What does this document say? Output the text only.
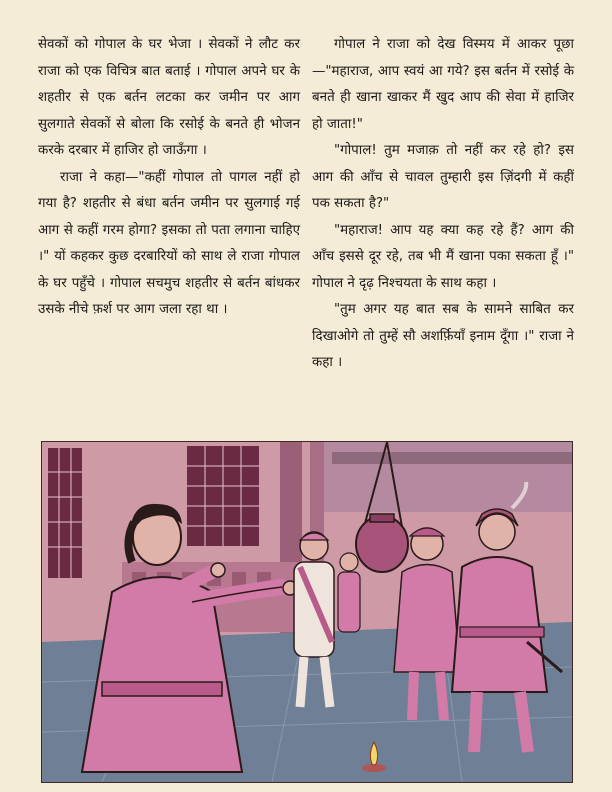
सेवकों को गोपाल के घर भेजा । सेवकों ने लौट कर राजा को एक विचित्र बात बताई । गोपाल अपने घर के शहतीर से एक बर्तन लटका कर जमीन पर आग सुलगाते सेवकों से बोला कि रसोई के बनते ही भोजन करके दरबार में हाजिर हो जाऊँगा ।

राजा ने कहा—"कहीं गोपाल तो पागल नहीं हो गया है? शहतीर से बंधा बर्तन जमीन पर सुलगाई गई आग से कहीं गरम होगा? इसका तो पता लगाना चाहिए ।" यों कहकर कुछ दरबारियों को साथ ले राजा गोपाल के घर पहुँचे । गोपाल सचमुच शहतीर से बर्तन बांधकर उसके नीचे फ़र्श पर आग जला रहा था ।

गोपाल ने राजा को देख विस्मय में आकर पूछा—"महाराज, आप स्वयं आ गये? इस बर्तन में रसोई के बनते ही खाना खाकर मैं खुद आप की सेवा में हाजिर हो जाता!"

"गोपाल! तुम मजाक़ तो नहीं कर रहे हो? इस आग की आँच से चावल तुम्हारी इस ज़िंदगी में कहीं पक सकता है?"

"महाराज! आप यह क्या कह रहे हैं? आग की आँच इससे दूर रहे, तब भी मैं खाना पका सकता हूँ ।" गोपाल ने दृढ़ निश्चयता के साथ कहा ।

"तुम अगर यह बात सब के सामने साबित कर दिखाओगे तो तुम्हें सौ अशर्फ़ियाँ इनाम दूँगा ।" राजा ने कहा ।
